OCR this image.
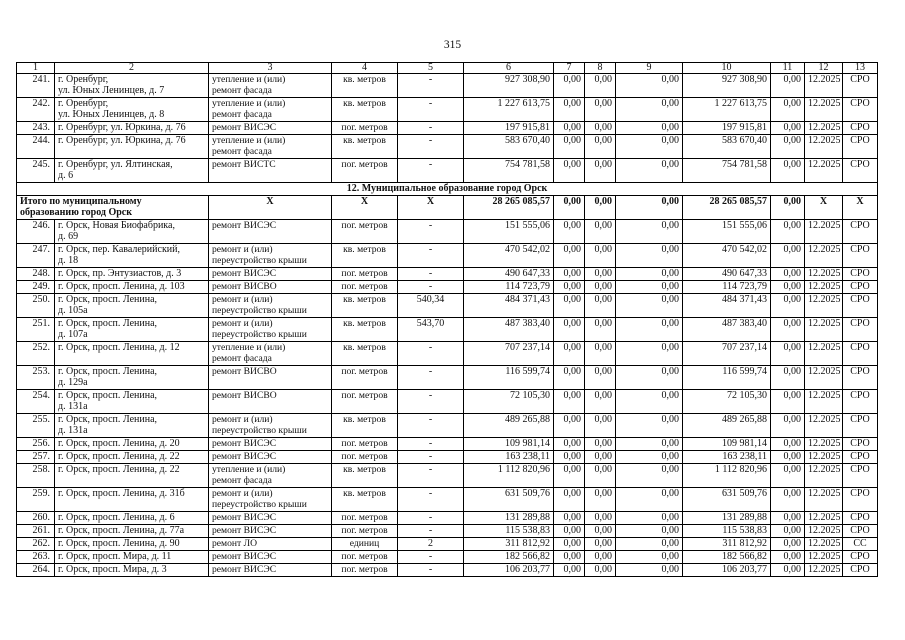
315
1	2	3	4	5	6	7	8	9	10	11	12	13
241.	г. Оренбург,
ул. Юных Ленинцев, д. 7	утепление и (или)
ремонт фасада	кв. метров	-	927 308,90	0,00	0,00	0,00	927 308,90	0,00	12.2025	СРО
242.	г. Оренбург,
ул. Юных Ленинцев, д. 8	утепление и (или)
ремонт фасада	кв. метров	-	1 227 613,75	0,00	0,00	0,00	1 227 613,75	0,00	12.2025	СРО
243.	г. Оренбург, ул. Юркина, д. 76	ремонт ВИСЭС	пог. метров	-	197 915,81	0,00	0,00	0,00	197 915,81	0,00	12.2025	СРО
244.	г. Оренбург, ул. Юркина, д. 76	утепление и (или)
ремонт фасада	кв. метров	-	583 670,40	0,00	0,00	0,00	583 670,40	0,00	12.2025	СРО
245.	г. Оренбург, ул. Ялтинская,
д. 6	ремонт ВИСТС	пог. метров	-	754 781,58	0,00	0,00	0,00	754 781,58	0,00	12.2025	СРО
12. Муниципальное образование город Орск												

Итого по муниципальному
образованию город Орск		Х	Х	Х	28 265 085,57	0,00	0,00	0,00	28 265 085,57	0,00	Х	Х
246.	г. Орск, Новая Биофабрика,
д. 69	ремонт ВИСЭС	пог. метров	-	151 555,06	0,00	0,00	0,00	151 555,06	0,00	12.2025	СРО
247.	г. Орск, пер. Кавалерийский,
д. 18	ремонт и (или)
переустройство крыши	кв. метров	-	470 542,02	0,00	0,00	0,00	470 542,02	0,00	12.2025	СРО
248.	г. Орск, пр. Энтузиастов, д. 3	ремонт ВИСЭС	пог. метров	-	490 647,33	0,00	0,00	0,00	490 647,33	0,00	12.2025	СРО
249.	г. Орск, просп. Ленина, д. 103	ремонт ВИСВО	пог. метров	-	114 723,79	0,00	0,00	0,00	114 723,79	0,00	12.2025	СРО
250.	г. Орск, просп. Ленина,
д. 105а	ремонт и (или)
переустройство крыши	кв. метров	540,34	484 371,43	0,00	0,00	0,00	484 371,43	0,00	12.2025	СРО
251.	г. Орск, просп. Ленина,
д. 107а	ремонт и (или)
переустройство крыши	кв. метров	543,70	487 383,40	0,00	0,00	0,00	487 383,40	0,00	12.2025	СРО
252.	г. Орск, просп. Ленина, д. 12	утепление и (или)
ремонт фасада	кв. метров	-	707 237,14	0,00	0,00	0,00	707 237,14	0,00	12.2025	СРО
253.	г. Орск, просп. Ленина,
д. 129а	ремонт ВИСВО	пог. метров	-	116 599,74	0,00	0,00	0,00	116 599,74	0,00	12.2025	СРО
254.	г. Орск, просп. Ленина,
д. 131а	ремонт ВИСВО	пог. метров	-	72 105,30	0,00	0,00	0,00	72 105,30	0,00	12.2025	СРО
255.	г. Орск, просп. Ленина,
д. 131а	ремонт и (или)
переустройство крыши	кв. метров	-	489 265,88	0,00	0,00	0,00	489 265,88	0,00	12.2025	СРО
256.	г. Орск, просп. Ленина, д. 20	ремонт ВИСЭС	пог. метров	-	109 981,14	0,00	0,00	0,00	109 981,14	0,00	12.2025	СРО
257.	г. Орск, просп. Ленина, д. 22	ремонт ВИСЭС	пог. метров	-	163 238,11	0,00	0,00	0,00	163 238,11	0,00	12.2025	СРО
258.	г. Орск, просп. Ленина, д. 22	утепление и (или)
ремонт фасада	кв. метров	-	1 112 820,96	0,00	0,00	0,00	1 112 820,96	0,00	12.2025	СРО
259.	г. Орск, просп. Ленина, д. 31б	ремонт и (или)
переустройство крыши	кв. метров	-	631 509,76	0,00	0,00	0,00	631 509,76	0,00	12.2025	СРО
260.	г. Орск, просп. Ленина, д. 6	ремонт ВИСЭС	пог. метров	-	131 289,88	0,00	0,00	0,00	131 289,88	0,00	12.2025	СРО
261.	г. Орск, просп. Ленина, д. 77а	ремонт ВИСЭС	пог. метров	-	115 538,83	0,00	0,00	0,00	115 538,83	0,00	12.2025	СРО
262.	г. Орск, просп. Ленина, д. 90	ремонт ЛО	единиц	2	311 812,92	0,00	0,00	0,00	311 812,92	0,00	12.2025	СС
263.	г. Орск, просп. Мира, д. 11	ремонт ВИСЭС	пог. метров	-	182 566,82	0,00	0,00	0,00	182 566,82	0,00	12.2025	СРО
264.	г. Орск, просп. Мира, д. 3	ремонт ВИСЭС	пог. метров	-	106 203,77	0,00	0,00	0,00	106 203,77	0,00	12.2025	СРО
